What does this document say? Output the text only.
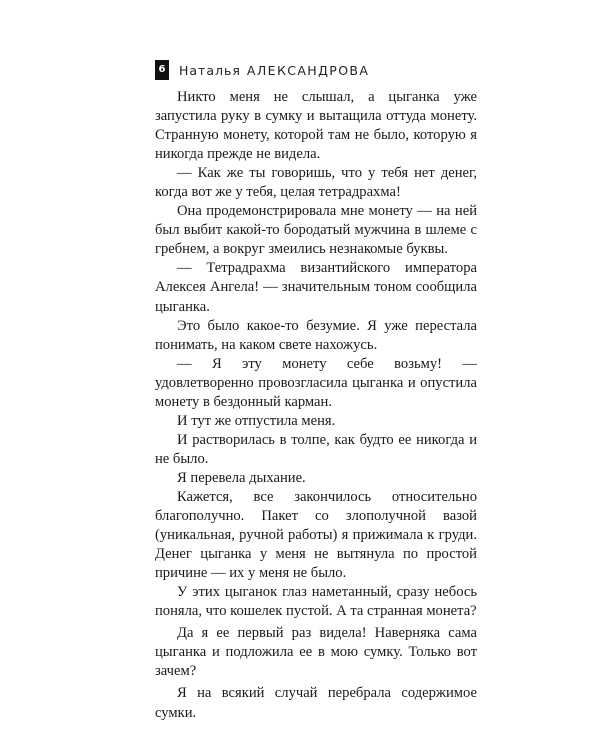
6 Наталья АЛЕКСАНДРОВА

Никто меня не слышал, а цыганка уже запустила руку в сумку и вытащила оттуда монету. Странную монету, которой там не было, которую я никогда прежде не видела.

— Как же ты говоришь, что у тебя нет денег, когда вот же у тебя, целая тетрадрахма!

Она продемонстрировала мне монету — на ней был выбит какой-то бородатый мужчина в шлеме с гребнем, а вокруг змеились незнакомые буквы.

— Тетрадрахма византийского императора Алексея Ангела! — значительным тоном сообщила цыганка.

Это было какое-то безумие. Я уже перестала понимать, на каком свете нахожусь.

— Я эту монету себе возьму! — удовлетворенно провозгласила цыганка и опустила монету в бездонный карман.

И тут же отпустила меня.

И растворилась в толпе, как будто ее никогда и не было.

Я перевела дыхание.

Кажется, все закончилось относительно благополучно. Пакет со злополучной вазой (уникальная, ручной работы) я прижимала к груди. Денег цыганка у меня не вытянула по простой причине — их у меня не было.

У этих цыганок глаз наметанный, сразу небось поняла, что кошелек пустой. А та странная монета?

Да я ее первый раз видела! Наверняка сама цыганка и подложила ее в мою сумку. Только вот зачем?

Я на всякий случай перебрала содержимое сумки.
